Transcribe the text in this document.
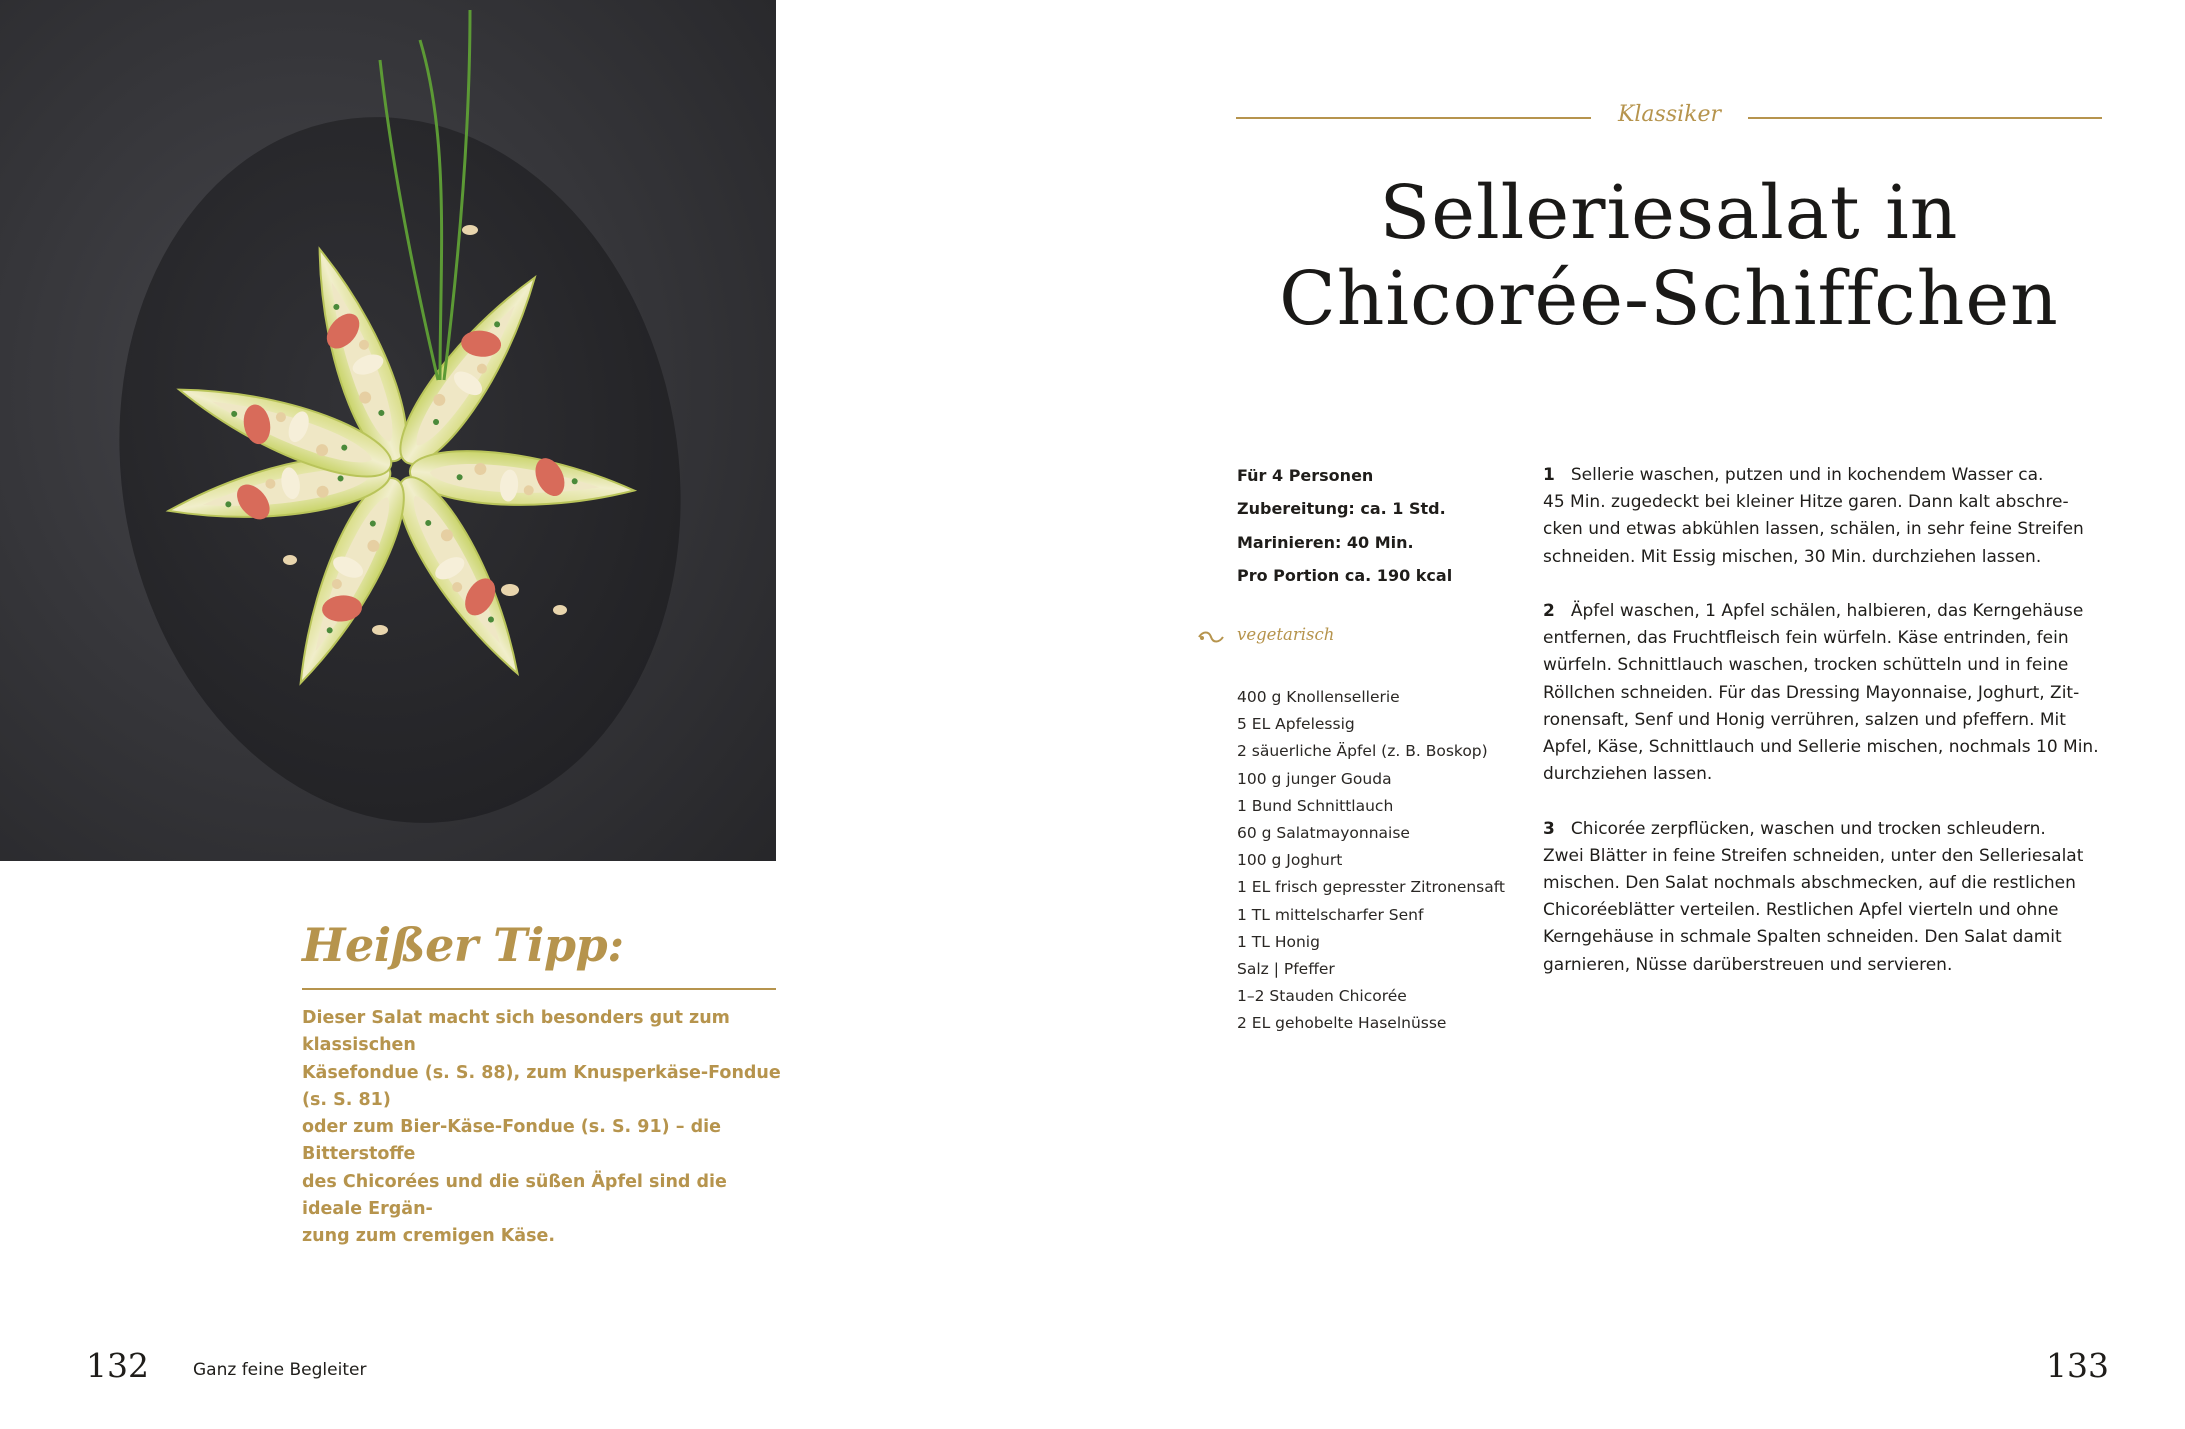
Heißer Tipp:
Dieser Salat macht sich besonders gut zum klassischen
Käsefondue (s. S. 88), zum Knusperkäse-Fondue (s. S. 81)
oder zum Bier-Käse-Fondue (s. S. 91) – die Bitterstoffe
des Chicorées und die süßen Äpfel sind die ideale Ergän-
zung zum cremigen Käse.
132	Ganz feine Begleiter
Klassiker
Selleriesalat in
Chicorée-Schiffchen
Für 4 Personen
Zubereitung: ca. 1 Std.
Marinieren: 40 Min.
Pro Portion ca. 190 kcal
vegetarisch
400 g Knollensellerie
5 EL Apfelessig
2 säuerliche Äpfel (z. B. Boskop)
100 g junger Gouda
1 Bund Schnittlauch
60 g Salatmayonnaise
100 g Joghurt
1 EL frisch gepresster Zitronensaft
1 TL mittelscharfer Senf
1 TL Honig
Salz | Pfeffer
1–2 Stauden Chicorée
2 EL gehobelte Haselnüsse

1 Sellerie waschen, putzen und in kochendem Wasser ca.
45 Min. zugedeckt bei kleiner Hitze garen. Dann kalt abschre-
cken und etwas abkühlen lassen, schälen, in sehr feine Streifen
schneiden. Mit Essig mischen, 30 Min. durchziehen lassen.

2 Äpfel waschen, 1 Apfel schälen, halbieren, das Kerngehäuse
entfernen, das Fruchtfleisch fein würfeln. Käse entrinden, fein
würfeln. Schnittlauch waschen, trocken schütteln und in feine
Röllchen schneiden. Für das Dressing Mayonnaise, Joghurt, Zit-
ronensaft, Senf und Honig verrühren, salzen und pfeffern. Mit
Apfel, Käse, Schnittlauch und Sellerie mischen, nochmals 10 Min.
durchziehen lassen.

3 Chicorée zerpflücken, waschen und trocken schleudern.
Zwei Blätter in feine Streifen schneiden, unter den Selleriesalat
mischen. Den Salat nochmals abschmecken, auf die restlichen
Chicoréeblätter verteilen. Restlichen Apfel vierteln und ohne
Kerngehäuse in schmale Spalten schneiden. Den Salat damit
garnieren, Nüsse darüberstreuen und servieren.

133
